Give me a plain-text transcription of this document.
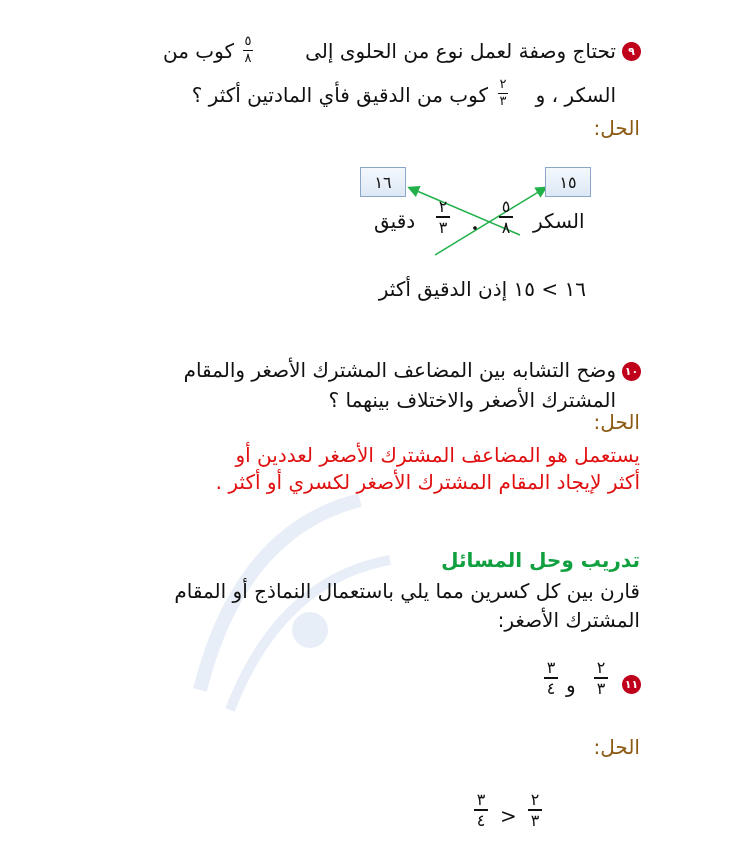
٩
تحتاج وصفة لعمل نوع من الحلوى إلى
٥
٨
كوب من
السكر ، و
٢
٣
كوب من الدقيق فأي المادتين أكثر ؟
الحل:
١٦	١٥
دقيق
٢
٣
٥
٨ السكر
١٦ > ١٥ إذن الدقيق أكثر
١٠
وضح التشابه بين المضاعف المشترك الأصغر والمقام
المشترك الأصغر والاختلاف بينهما ؟
الحل:
يستعمل هو المضاعف المشترك الأصغر لعددين أو
أكثر لإيجاد المقام المشترك الأصغر لكسري أو أكثر .
تدريب وحل المسائل
قارن بين كل كسرين مما يلي باستعمال النماذج أو المقام
المشترك الأصغر:
١١
٢
٣
و
٣
٤
الحل:
٣
٤ >
٢
٣
